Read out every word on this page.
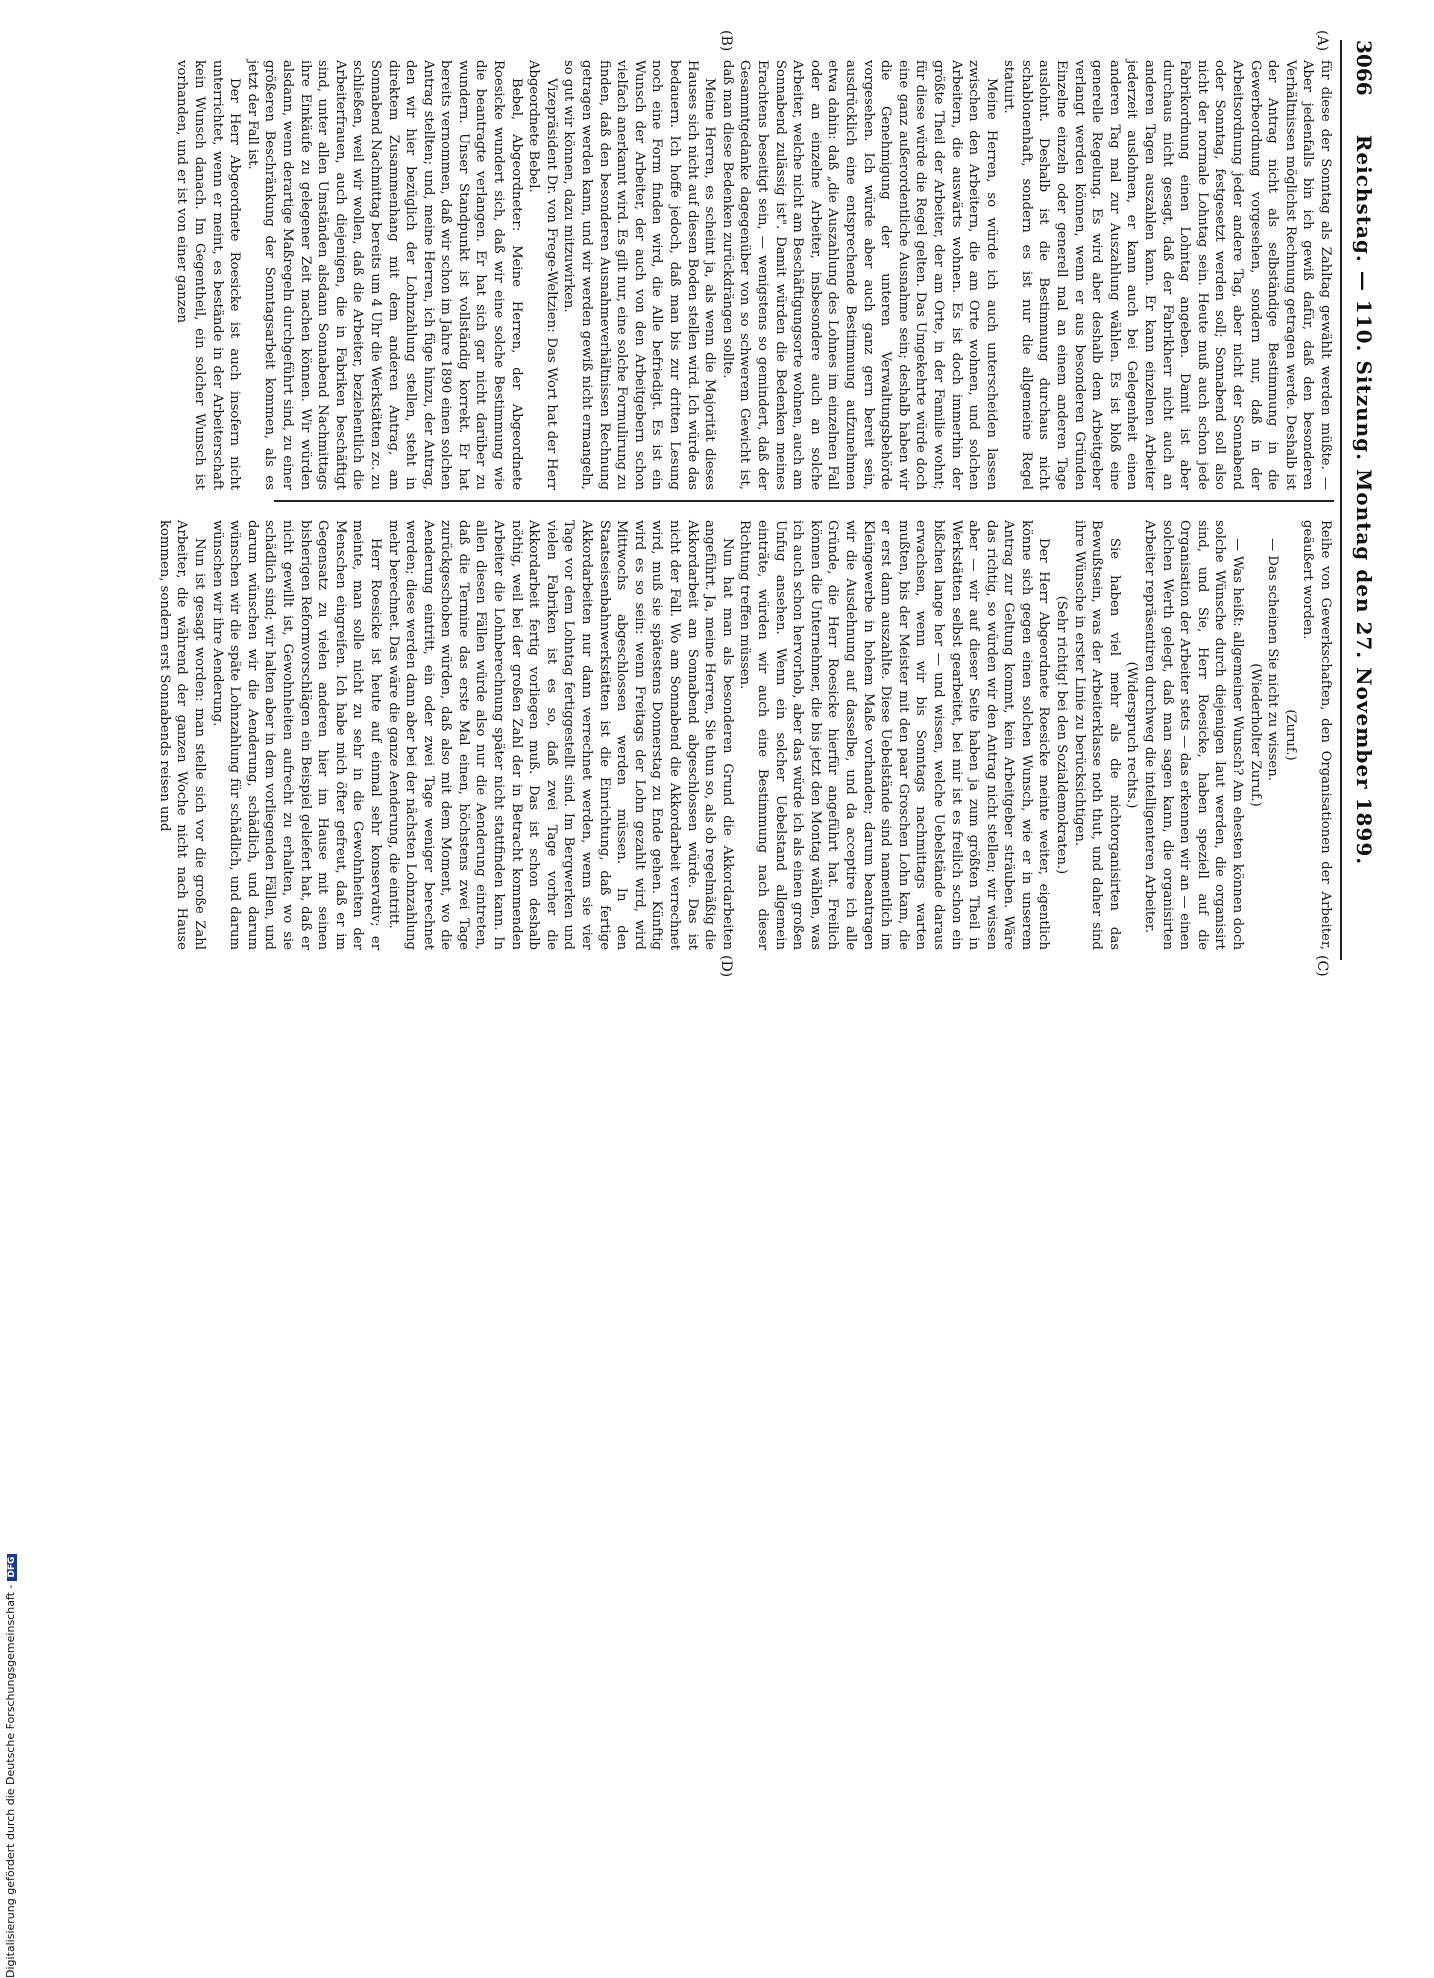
3066
Reichstag. — 110. Sitzung. Montag den 27. November 1899.
(A)
(B)
(C)
(D)

für diese der Sonntag als Zahltag gewählt werden müßte. — Aber jedenfalls bin ich gewiß dafür, daß den besonderen Verhältnissen möglichst Rechnung getragen werde. Deshalb ist der Antrag nicht als selbständige Bestimmung in die Gewerbeordnung vorgesehen, sondern nur, daß in der Arbeitsordnung jeder andere Tag, aber nicht der Sonnabend oder Sonntag, festgesetzt werden soll; Sonnabend soll also nicht der normale Lohntag sein. Heute muß auch schon jede Fabrikordnung einen Lohntag angeben. Damit ist aber durchaus nicht gesagt, daß der Fabrikherr nicht auch an anderen Tagen auszahlen kann. Er kann einzelnen Arbeiter jederzeit auslohnen, er kann auch bei Gelegenheit einen anderen Tag mal zur Auszahlung wählen. Es ist bloß eine generelle Regelung. Es wird aber deshalb dem Arbeitgeber verlangt werden können, wenn er aus besonderen Gründen Einzelne einzeln oder generell mal an einem anderen Tage auslohnt. Deshalb ist die Bestimmung durchaus nicht schablonenhaft, sondern es ist nur die allgemeine Regel statuirt.

Meine Herren, so würde ich auch unterscheiden lassen zwischen den Arbeitern, die am Orte wohnen, und solchen Arbeitern, die auswärts wohnen. Es ist doch immerhin der größte Theil der Arbeiter, der am Orte, in der Familie wohnt; für diese würde die Regel gelten. Das Umgekehrte würde doch eine ganz außerordentliche Ausnahme sein; deshalb haben wir die Genehmigung der unteren Verwaltungsbehörde vorgesehen. Ich würde aber auch ganz gern bereit sein, ausdrücklich eine entsprechende Bestimmung aufzunehmen etwa dahin: daß „die Auszahlung des Lohnes im einzelnen Fall oder an einzelne Arbeiter, insbesondere auch an solche Arbeiter, welche nicht am Beschäftigungsorte wohnen, auch am Sonnabend zulässig ist". Damit würden die Bedenken meines Erachtens beseitigt sein, — wenigstens so gemindert, daß der Gesammtgedanke dagegenüber von so schwerem Gewicht ist, daß man diese Bedenken zurückdrängen sollte.

Meine Herren, es scheint ja, als wenn die Majorität dieses Hauses sich nicht auf diesen Boden stellen wird. Ich würde das bedauern. Ich hoffe jedoch, daß man bis zur dritten Lesung noch eine Form finden wird, die Alle befriedigt. Es ist ein Wunsch der Arbeiter, der auch von den Arbeitgebern schon vielfach anerkannt wird. Es gilt nur, eine solche Formulirung zu finden, daß den besonderen Ausnahmeverhältnissen Rechnung getragen werden kann, und wir werden gewiß nicht ermangeln, so gut wir können, dazu mitzuwirken.

Vizepräsident Dr. von Frege-Weltzien: Das Wort hat der Herr Abgeordnete Bebel.

Bebel, Abgeordneter: Meine Herren, der Abgeordnete Roesicke wundert sich, daß wir eine solche Bestimmung wie die beantragte verlangen. Er hat sich gar nicht darüber zu wundern. Unser Standpunkt ist vollständig korrekt. Er hat bereits vernommen, daß wir schon im Jahre 1890 einen solchen Antrag stellten; und, meine Herren, ich füge hinzu, der Antrag, den wir hier bezüglich der Lohnzahlung stellen, steht in direktem Zusammenhang mit dem anderen Antrag, am Sonnabend Nachmittag bereits um 4 Uhr die Werkstätten zc. zu schließen, weil wir wollen, daß die Arbeiter, beziehentlich die Arbeiterfrauen, auch diejenigen, die in Fabriken beschäftigt sind, unter allen Umständen alsdann Sonnabend Nachmittags ihre Einkäufe zu gelegener Zeit machen können. Wir würden alsdann, wenn derartige Maßregeln durchgeführt sind, zu einer größeren Beschränkung der Sonntagsarbeit kommen, als es jetzt der Fall ist.

Der Herr Abgeordnete Roesicke ist auch insofern nicht unterrichtet, wenn er meint, es bestände in der Arbeiterschaft kein Wunsch danach. Im Gegentheil, ein solcher Wunsch ist vorhanden, und er ist von einer ganzen

Reihe von Gewerkschaften, den Organisationen der Arbeiter, geäußert worden.

(Zuruf.)

— Das scheinen Sie nicht zu wissen.

(Wiederholter Zuruf.)

— Was heißt: allgemeiner Wunsch? Am ehesten können doch solche Wünsche durch diejenigen laut werden, die organisirt sind, und Sie, Herr Roesicke, haben speziell auf die Organisation der Arbeiter stets — das erkennen wir an — einen solchen Werth gelegt, daß man sagen kann, die organisirten Arbeiter repräsentiren durchweg die intelligenteren Arbeiter.

(Widerspruch rechts.)

Sie haben viel mehr als die nichtorganisirten das Bewußtsein, was der Arbeiterklasse noth thut, und daher sind ihre Wünsche in erster Linie zu berücksichtigen.

(Sehr richtig! bei den Sozialdemokraten.)

Der Herr Abgeordnete Roesicke meinte weiter, eigentlich könne sich gegen einen solchen Wunsch, wie er in unserem Antrag zur Geltung kommt, kein Arbeitgeber sträuben. Wäre das richtig, so würden wir den Antrag nicht stellen; wir wissen aber — wir auf dieser Seite haben ja zum größten Theil in Werkstätten selbst gearbeitet, bei mir ist es freilich schon ein bißchen lange her — und wissen, welche Uebelstände daraus erwachsen, wenn wir bis Sonntags nachmittags warten mußten, bis der Meister mit den paar Groschen Lohn kam, die er erst dann auszahlte. Diese Uebelstände sind namentlich im Kleingewerbe in hohem Maße vorhanden; darum beantragen wir die Ausdehnung auf dasselbe, und da acceptire ich alle Gründe, die Herr Roesicke hierfür angeführt hat. Freilich können die Unternehmer, die bis jetzt den Montag wählen, was ich auch schon hervorhob, aber das würde ich als einen großen Unfug ansehen. Wenn ein solcher Uebelstand allgemein einträte, würden wir auch eine Bestimmung nach dieser Richtung treffen müssen.

Nun hat man als besonderen Grund die Akkordarbeiten angeführt. Ja, meine Herren, Sie thun so, als ob regelmäßig die Akkordarbeit am Sonnabend abgeschlossen würde. Das ist nicht der Fall. Wo am Sonnabend die Akkordarbeit verrechnet wird, muß sie spätestens Donnerstag zu Ende gehen. Künftig wird es so sein: wenn Freitags der Lohn gezahlt wird, wird Mittwochs abgeschlossen werden müssen. In den Staatseisenbahnwerkstätten ist die Einrichtung, daß fertige Akkordarbeiten nur dann verrechnet werden, wenn sie vier Tage vor dem Lohntag fertiggestellt sind. Im Bergwerken und vielen Fabriken ist es so, daß zwei Tage vorher die Akkordarbeit fertig vorliegen muß. Das ist schon deshalb nöthig, weil bei der großen Zahl der in Betracht kommenden Arbeiter die Lohnberechnung später nicht stattfinden kann. In allen diesen Fällen würde also nur die Aenderung eintreten, daß die Termine das erste Mal einen, höchstens zwei Tage zurückgeschoben würden, daß also mit dem Moment, wo die Aenderung eintritt, ein oder zwei Tage weniger berechnet werden; diese werden dann aber bei der nächsten Lohnzahlung mehr berechnet. Das wäre die ganze Aenderung, die eintritt.

Herr Roesicke ist heute auf einmal sehr konservativ; er meinte, man solle nicht zu sehr in die Gewohnheiten der Menschen eingreifen. Ich habe mich öfter gefreut, daß er im Gegensatz zu vielen anderen hier im Hause mit seinen bisherigen Reformvorschlägen ein Beispiel geliefert hat, daß er nicht gewillt ist, Gewohnheiten aufrecht zu erhalten, wo sie schädlich sind; wir halten aber in dem vorliegenden Fällen, und darum wünschen wir die Aenderung, schädlich, und darum wünschen wir die späte Lohnzahlung für schädlich, und darum wünschen wir ihre Aenderung.

Nun ist gesagt worden: man stelle sich vor die große Zahl Arbeiter, die während der ganzen Woche nicht nach Hause kommen, sondern erst Sonnabends reisen und

Digitalisierung gefördert durch die Deutsche Forschungsgemeinschaft -DFG
